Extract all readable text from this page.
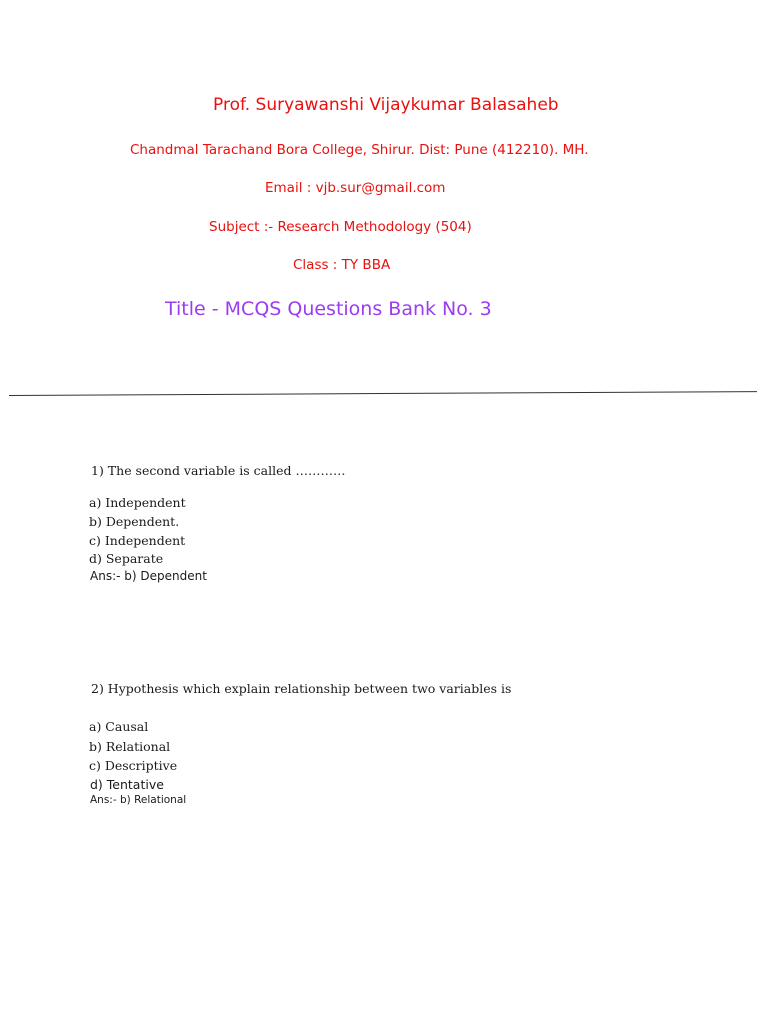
Prof. Suryawanshi Vijaykumar Balasaheb
Chandmal Tarachand Bora College, Shirur. Dist: Pune (412210). MH.
Email : vjb.sur@gmail.com
Subject :- Research Methodology (504)
Class : TY BBA
Title - MCQS Questions Bank No. 3
1) The second variable is called …………
a) Independent
b) Dependent.
c) Independent
d) Separate
Ans:- b) Dependent
2) Hypothesis which explain relationship between two variables is
a) Causal
b) Relational
c) Descriptive
d) Tentative
Ans:- b) Relational
